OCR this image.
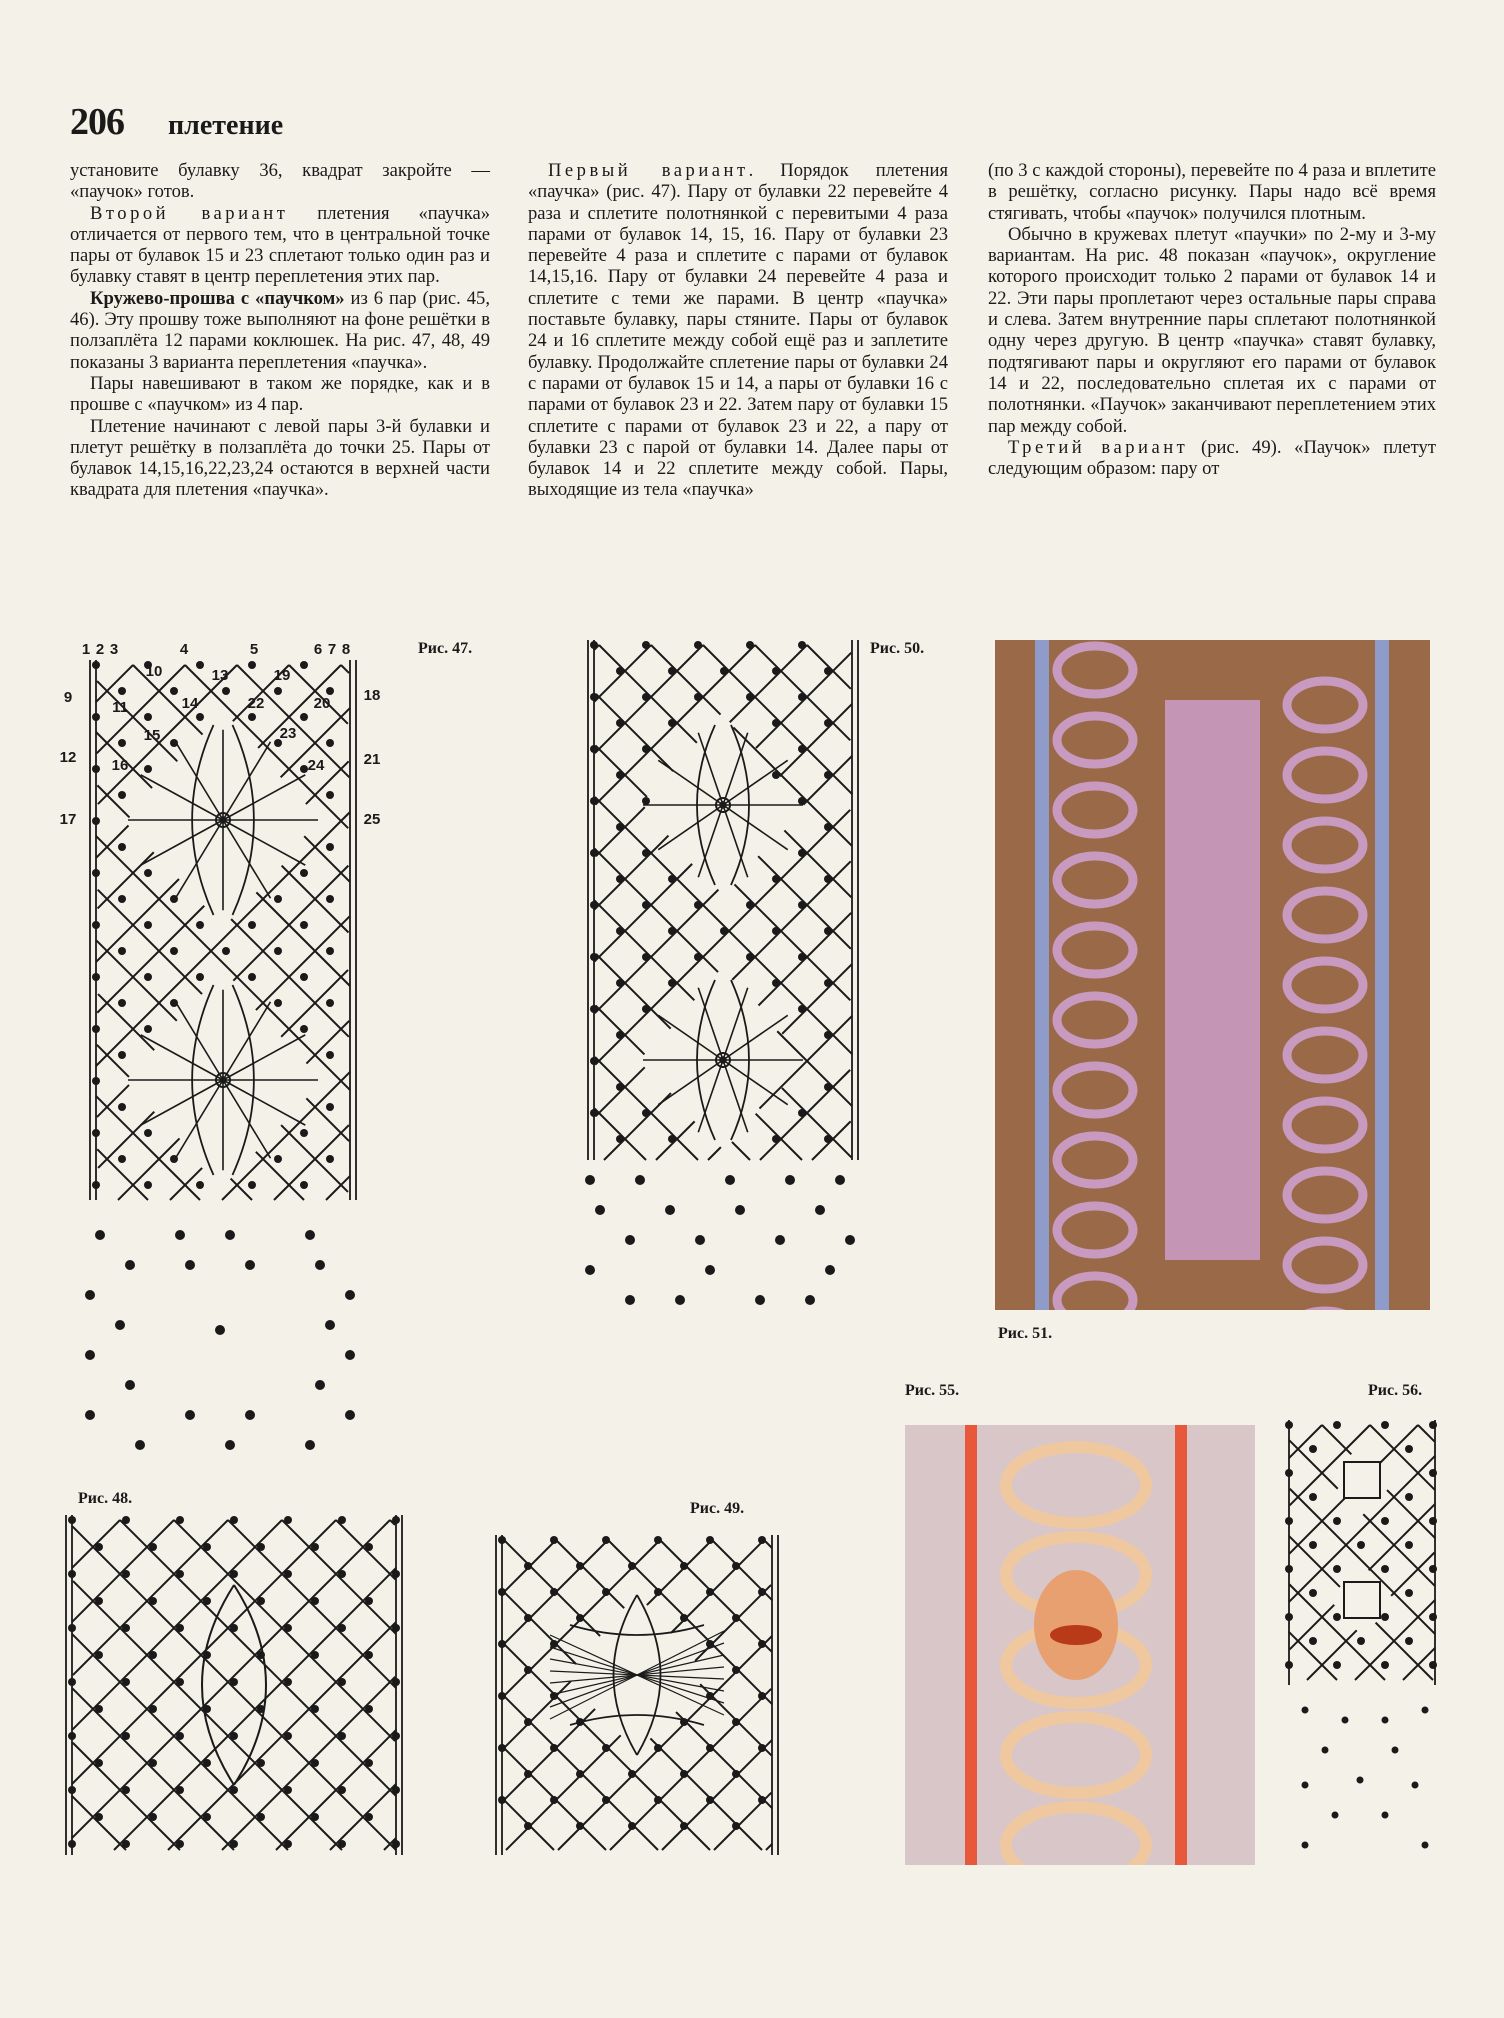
206 плетение

установите булавку 36, квадрат закройте — «паучок» готов.

Второй вариант плетения «паучка» отличается от первого тем, что в центральной точке пары от булавок 15 и 23 сплетают только один раз и булавку ставят в центр переплетения этих пар.

Кружево-прошва с «паучком» из 6 пар (рис. 45, 46). Эту прошву тоже выполняют на фоне решётки в ползаплёта 12 парами коклюшек. На рис. 47, 48, 49 показаны 3 варианта переплетения «паучка».

Пары навешивают в таком же порядке, как и в прошве с «паучком» из 4 пар.

Плетение начинают с левой пары 3-й булавки и плетут решётку в ползаплёта до точки 25. Пары от булавок 14,15,16,22,23,24 остаются в верхней части квадрата для плетения «паучка».

Первый вариант. Порядок плетения «паучка» (рис. 47). Пару от булавки 22 перевейте 4 раза и сплетите полотнянкой с перевитыми 4 раза парами от булавок 14, 15, 16. Пару от булавки 23 перевейте 4 раза и сплетите с парами от булавок 14,15,16. Пару от булавки 24 перевейте 4 раза и сплетите с теми же парами. В центр «паучка» поставьте булавку, пары стяните. Пары от булавок 24 и 16 сплетите между собой ещё раз и заплетите булавку. Продолжайте сплетение пары от булавки 24 с парами от булавок 15 и 14, а пары от булавки 16 с парами от булавок 23 и 22. Затем пару от булавки 15 сплетите с парами от булавок 23 и 22, а пару от булавки 23 с парой от булавки 14. Далее пары от булавок 14 и 22 сплетите между собой. Пары, выходящие из тела «паучка»

(по 3 с каждой стороны), перевейте по 4 раза и вплетите в решётку, согласно рисунку. Пары надо всё время стягивать, чтобы «паучок» получился плотным.

Обычно в кружевах плетут «паучки» по 2-му и 3-му вариантам. На рис. 48 показан «паучок», округление которого происходит только 2 парами от булавок 14 и 22. Эти пары проплетают через остальные пары справа и слева. Затем внутренние пары сплетают полотнянкой одну через другую. В центр «паучка» ставят булавку, подтягивают пары и округляют его парами от булавок 14 и 22, последовательно сплетая их с парами от полотнянки. «Паучок» заканчивают переплетением этих пар между собой.

Третий вариант (рис. 49). «Паучок» плетут следующим образом: пару от

1 2 3	4	5	6 7 8
9
10
11
12
13
14
15
16
17
18
19
20
21
22
23
24
25
Рис. 47.	Рис. 50.
Рис. 51.
Рис. 48.
Рис. 49.
Рис. 55.	Рис. 56.
